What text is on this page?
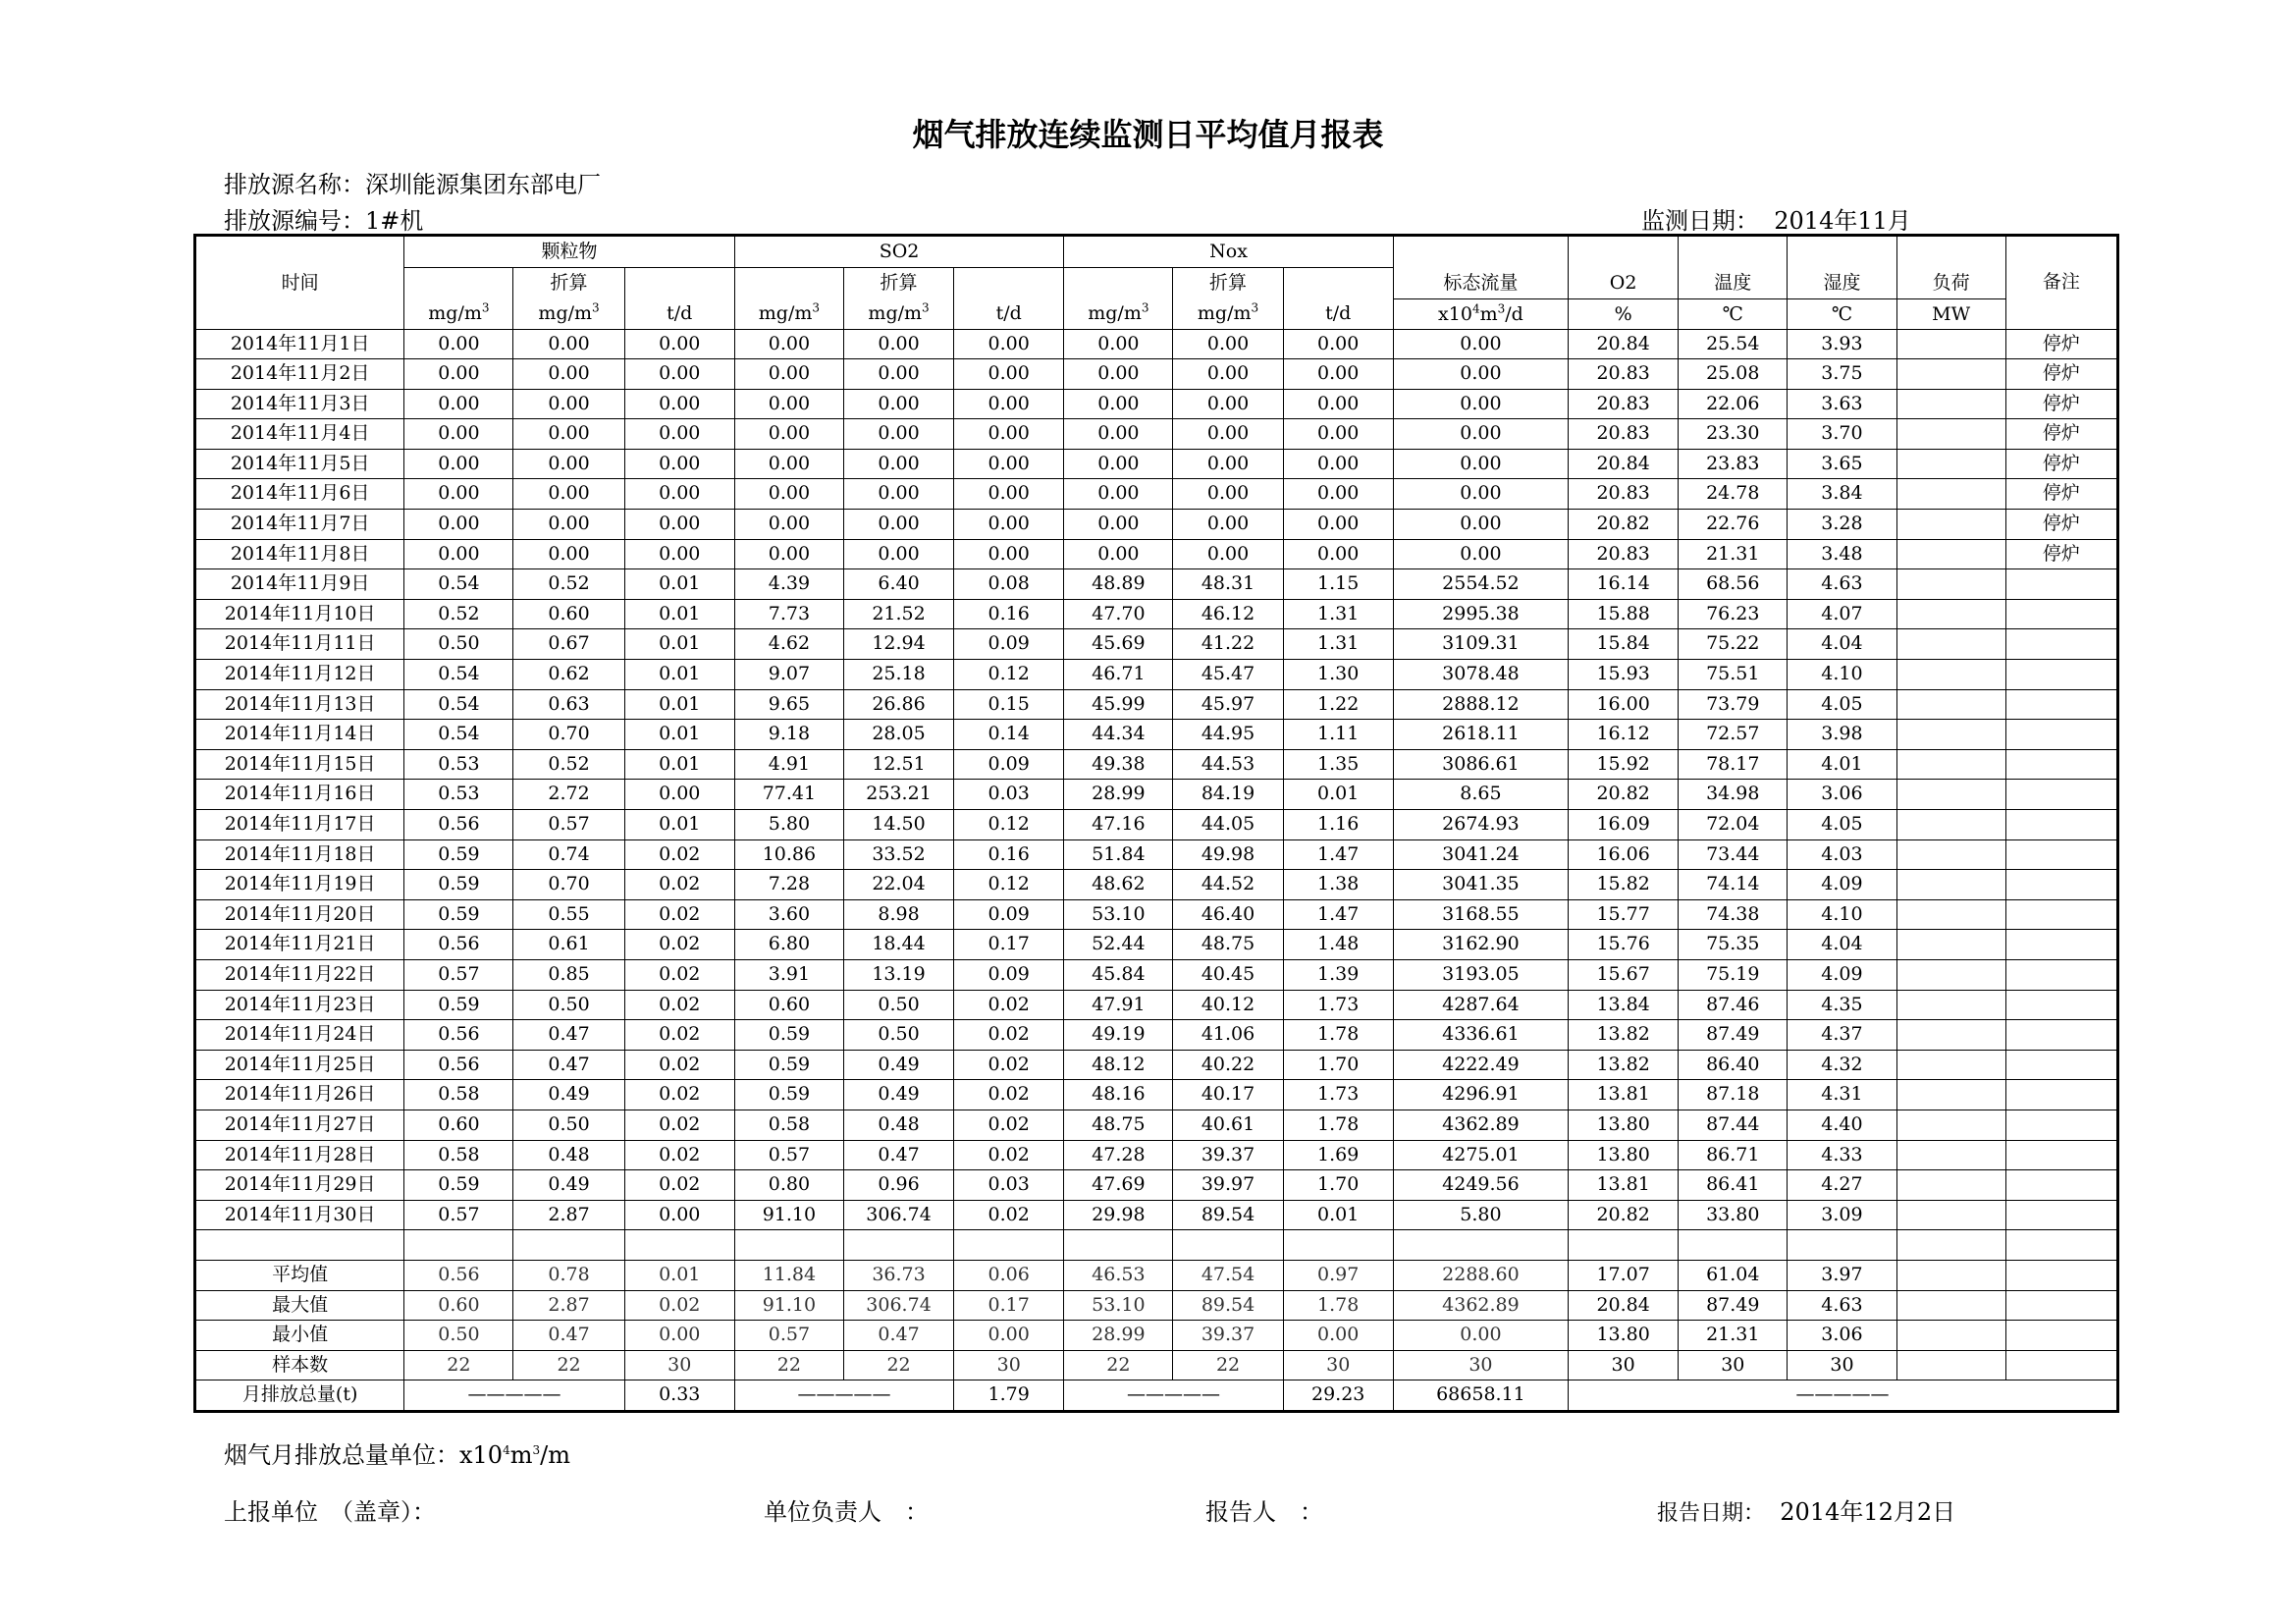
烟气排放连续监测日平均值月报表
排放源名称：深圳能源集团东部电厂
排放源编号：1#机	监测日期： 2014年11月
时间	颗粒物			SO2			Nox			标态流量	O2	温度	湿度	负荷	备注
		折算			折算			折算							
	$mg/m^3$	$mg/m^3$	t/d	$mg/m^3$	$mg/m^3$	t/d	$mg/m^3$	$mg/m^3$	t/d	$x10^4m^3/d$	%	℃	℃	MW	
2014年11月1日	0.00	0.00	0.00	0.00	0.00	0.00	0.00	0.00	0.00	0.00	20.84	25.54	3.93		停炉
2014年11月2日	0.00	0.00	0.00	0.00	0.00	0.00	0.00	0.00	0.00	0.00	20.83	25.08	3.75		停炉
2014年11月3日	0.00	0.00	0.00	0.00	0.00	0.00	0.00	0.00	0.00	0.00	20.83	22.06	3.63		停炉
2014年11月4日	0.00	0.00	0.00	0.00	0.00	0.00	0.00	0.00	0.00	0.00	20.83	23.30	3.70		停炉
2014年11月5日	0.00	0.00	0.00	0.00	0.00	0.00	0.00	0.00	0.00	0.00	20.84	23.83	3.65		停炉
2014年11月6日	0.00	0.00	0.00	0.00	0.00	0.00	0.00	0.00	0.00	0.00	20.83	24.78	3.84		停炉
2014年11月7日	0.00	0.00	0.00	0.00	0.00	0.00	0.00	0.00	0.00	0.00	20.82	22.76	3.28		停炉
2014年11月8日	0.00	0.00	0.00	0.00	0.00	0.00	0.00	0.00	0.00	0.00	20.83	21.31	3.48		停炉
2014年11月9日	0.54	0.52	0.01	4.39	6.40	0.08	48.89	48.31	1.15	2554.52	16.14	68.56	4.63		
2014年11月10日	0.52	0.60	0.01	7.73	21.52	0.16	47.70	46.12	1.31	2995.38	15.88	76.23	4.07		
2014年11月11日	0.50	0.67	0.01	4.62	12.94	0.09	45.69	41.22	1.31	3109.31	15.84	75.22	4.04		
2014年11月12日	0.54	0.62	0.01	9.07	25.18	0.12	46.71	45.47	1.30	3078.48	15.93	75.51	4.10		
2014年11月13日	0.54	0.63	0.01	9.65	26.86	0.15	45.99	45.97	1.22	2888.12	16.00	73.79	4.05		
2014年11月14日	0.54	0.70	0.01	9.18	28.05	0.14	44.34	44.95	1.11	2618.11	16.12	72.57	3.98		
2014年11月15日	0.53	0.52	0.01	4.91	12.51	0.09	49.38	44.53	1.35	3086.61	15.92	78.17	4.01		
2014年11月16日	0.53	2.72	0.00	77.41	253.21	0.03	28.99	84.19	0.01	8.65	20.82	34.98	3.06		
2014年11月17日	0.56	0.57	0.01	5.80	14.50	0.12	47.16	44.05	1.16	2674.93	16.09	72.04	4.05		
2014年11月18日	0.59	0.74	0.02	10.86	33.52	0.16	51.84	49.98	1.47	3041.24	16.06	73.44	4.03		
2014年11月19日	0.59	0.70	0.02	7.28	22.04	0.12	48.62	44.52	1.38	3041.35	15.82	74.14	4.09		
2014年11月20日	0.59	0.55	0.02	3.60	8.98	0.09	53.10	46.40	1.47	3168.55	15.77	74.38	4.10		
2014年11月21日	0.56	0.61	0.02	6.80	18.44	0.17	52.44	48.75	1.48	3162.90	15.76	75.35	4.04		
2014年11月22日	0.57	0.85	0.02	3.91	13.19	0.09	45.84	40.45	1.39	3193.05	15.67	75.19	4.09		
2014年11月23日	0.59	0.50	0.02	0.60	0.50	0.02	47.91	40.12	1.73	4287.64	13.84	87.46	4.35		
2014年11月24日	0.56	0.47	0.02	0.59	0.50	0.02	49.19	41.06	1.78	4336.61	13.82	87.49	4.37		
2014年11月25日	0.56	0.47	0.02	0.59	0.49	0.02	48.12	40.22	1.70	4222.49	13.82	86.40	4.32		
2014年11月26日	0.58	0.49	0.02	0.59	0.49	0.02	48.16	40.17	1.73	4296.91	13.81	87.18	4.31		
2014年11月27日	0.60	0.50	0.02	0.58	0.48	0.02	48.75	40.61	1.78	4362.89	13.80	87.44	4.40		
2014年11月28日	0.58	0.48	0.02	0.57	0.47	0.02	47.28	39.37	1.69	4275.01	13.80	86.71	4.33		
2014年11月29日	0.59	0.49	0.02	0.80	0.96	0.03	47.69	39.97	1.70	4249.56	13.81	86.41	4.27		
2014年11月30日	0.57	2.87	0.00	91.10	306.74	0.02	29.98	89.54	0.01	5.80	20.82	33.80	3.09		

平均值	0.56	0.78	0.01	11.84	36.73	0.06	46.53	47.54	0.97	2288.60	17.07	61.04	3.97		
最大值	0.60	2.87	0.02	91.10	306.74	0.17	53.10	89.54	1.78	4362.89	20.84	87.49	4.63		
最小值	0.50	0.47	0.00	0.57	0.47	0.00	28.99	39.37	0.00	0.00	13.80	21.31	3.06		
样本数	22	22	30	22	22	30	22	22	30	30	30	30	30		
月排放总量(t)	—————		0.33	—————		1.79	—————		29.23	68658.11	—————				
烟气月排放总量单位：$x10^4m^3/m$
上报单位　（盖章）：	单位负责人　：	报告人　：	报告日期： 2014年12月2日
